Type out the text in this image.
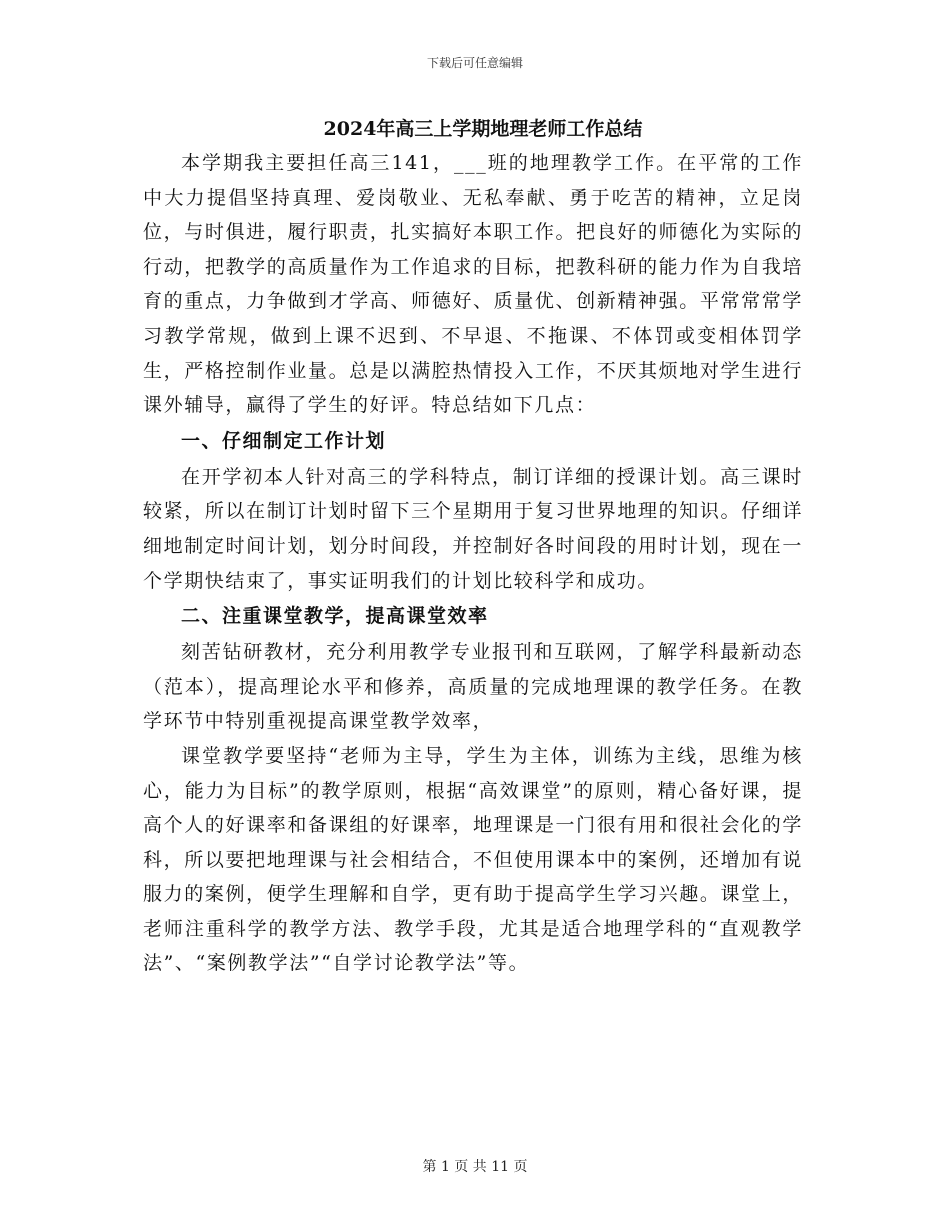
下载后可任意编辑
2024年高三上学期地理老师工作总结

本学期我主要担任高三141，___班的地理教学工作。在平常的工作中大力提倡坚持真理、爱岗敬业、无私奉献、勇于吃苦的精神，立足岗位，与时俱进，履行职责，扎实搞好本职工作。把良好的师德化为实际的行动，把教学的高质量作为工作追求的目标，把教科研的能力作为自我培育的重点，力争做到才学高、师德好、质量优、创新精神强。平常常常学习教学常规，做到上课不迟到、不早退、不拖课、不体罚或变相体罚学生，严格控制作业量。总是以满腔热情投入工作，不厌其烦地对学生进行课外辅导，赢得了学生的好评。特总结如下几点：

一、仔细制定工作计划

在开学初本人针对高三的学科特点，制订详细的授课计划。高三课时较紧，所以在制订计划时留下三个星期用于复习世界地理的知识。仔细详细地制定时间计划，划分时间段，并控制好各时间段的用时计划，现在一个学期快结束了，事实证明我们的计划比较科学和成功。

二、注重课堂教学，提高课堂效率

刻苦钻研教材，充分利用教学专业报刊和互联网，了解学科最新动态（范本），提高理论水平和修养，高质量的完成地理课的教学任务。在教学环节中特别重视提高课堂教学效率，

课堂教学要坚持“老师为主导，学生为主体，训练为主线，思维为核心，能力为目标”的教学原则，根据“高效课堂”的原则，精心备好课，提高个人的好课率和备课组的好课率，地理课是一门很有用和很社会化的学科，所以要把地理课与社会相结合，不但使用课本中的案例，还增加有说服力的案例，便学生理解和自学，更有助于提高学生学习兴趣。课堂上，老师注重科学的教学方法、教学手段，尤其是适合地理学科的“直观教学法”、“案例教学法”“自学讨论教学法”等。

第 1 页 共 11 页
